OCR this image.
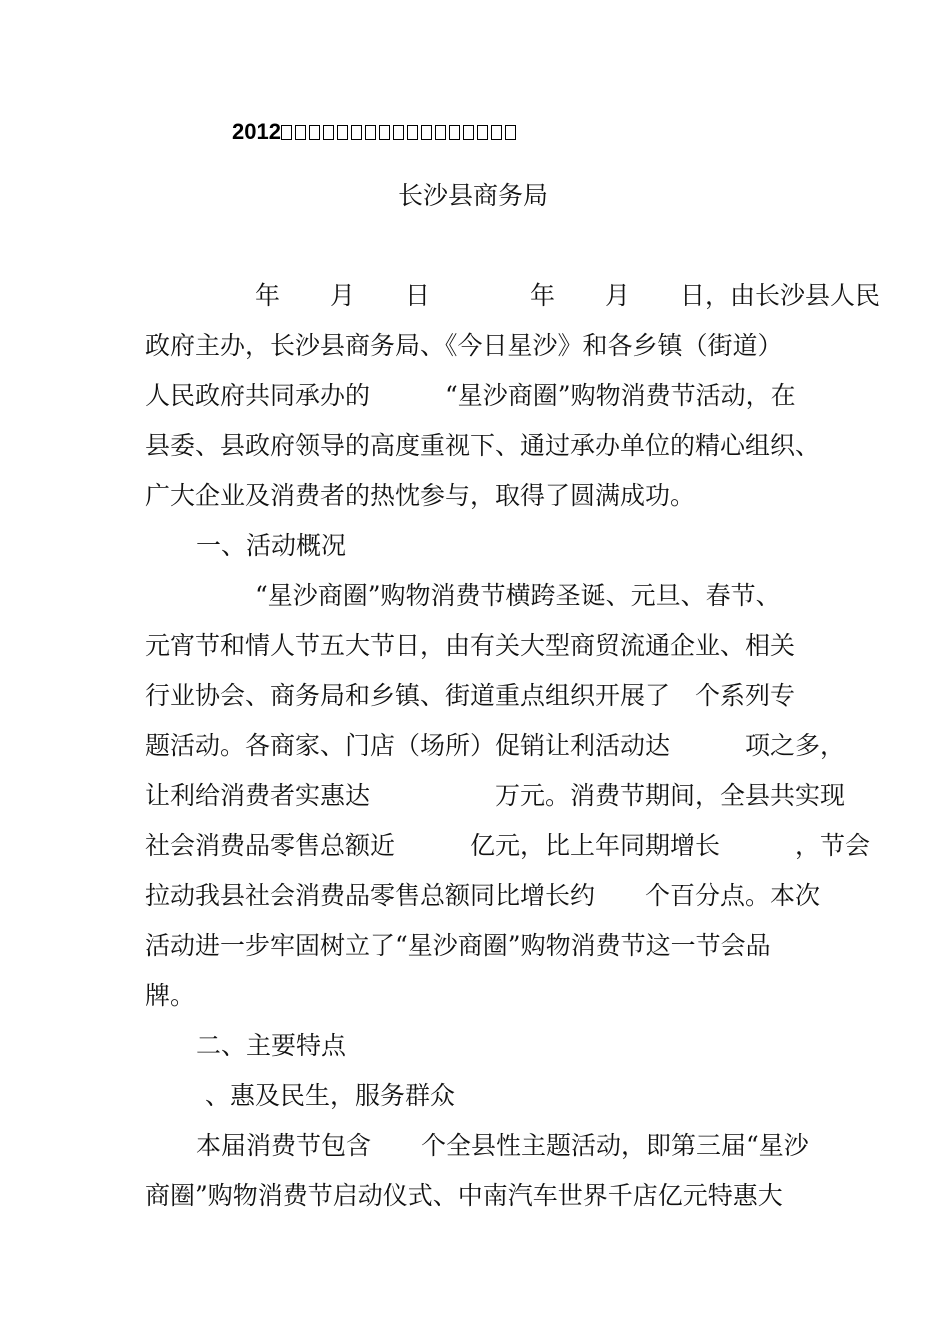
2012
长沙县商务局
年　　月　　日　　　　年　　月　　日，由长沙县人民
政府主办，长沙县商务局、《今日星沙》和各乡镇（街道）
人民政府共同承办的　　　“星沙商圈”购物消费节活动，在
县委、县政府领导的高度重视下、通过承办单位的精心组织、
广大企业及消费者的热忱参与，取得了圆满成功。
一、活动概况
“星沙商圈”购物消费节横跨圣诞、元旦、春节、
元宵节和情人节五大节日，由有关大型商贸流通企业、相关
行业协会、商务局和乡镇、街道重点组织开展了　个系列专
题活动。各商家、门店（场所）促销让利活动达　　　项之多，
让利给消费者实惠达　　　　　万元。消费节期间，全县共实现
社会消费品零售总额近　　　亿元，比上年同期增长　　　，节会
拉动我县社会消费品零售总额同比增长约　　个百分点。本次
活动进一步牢固树立了“星沙商圈”购物消费节这一节会品
牌。
二、主要特点
、惠及民生，服务群众
本届消费节包含　　个全县性主题活动，即第三届“星沙
商圈”购物消费节启动仪式、中南汽车世界千店亿元特惠大
